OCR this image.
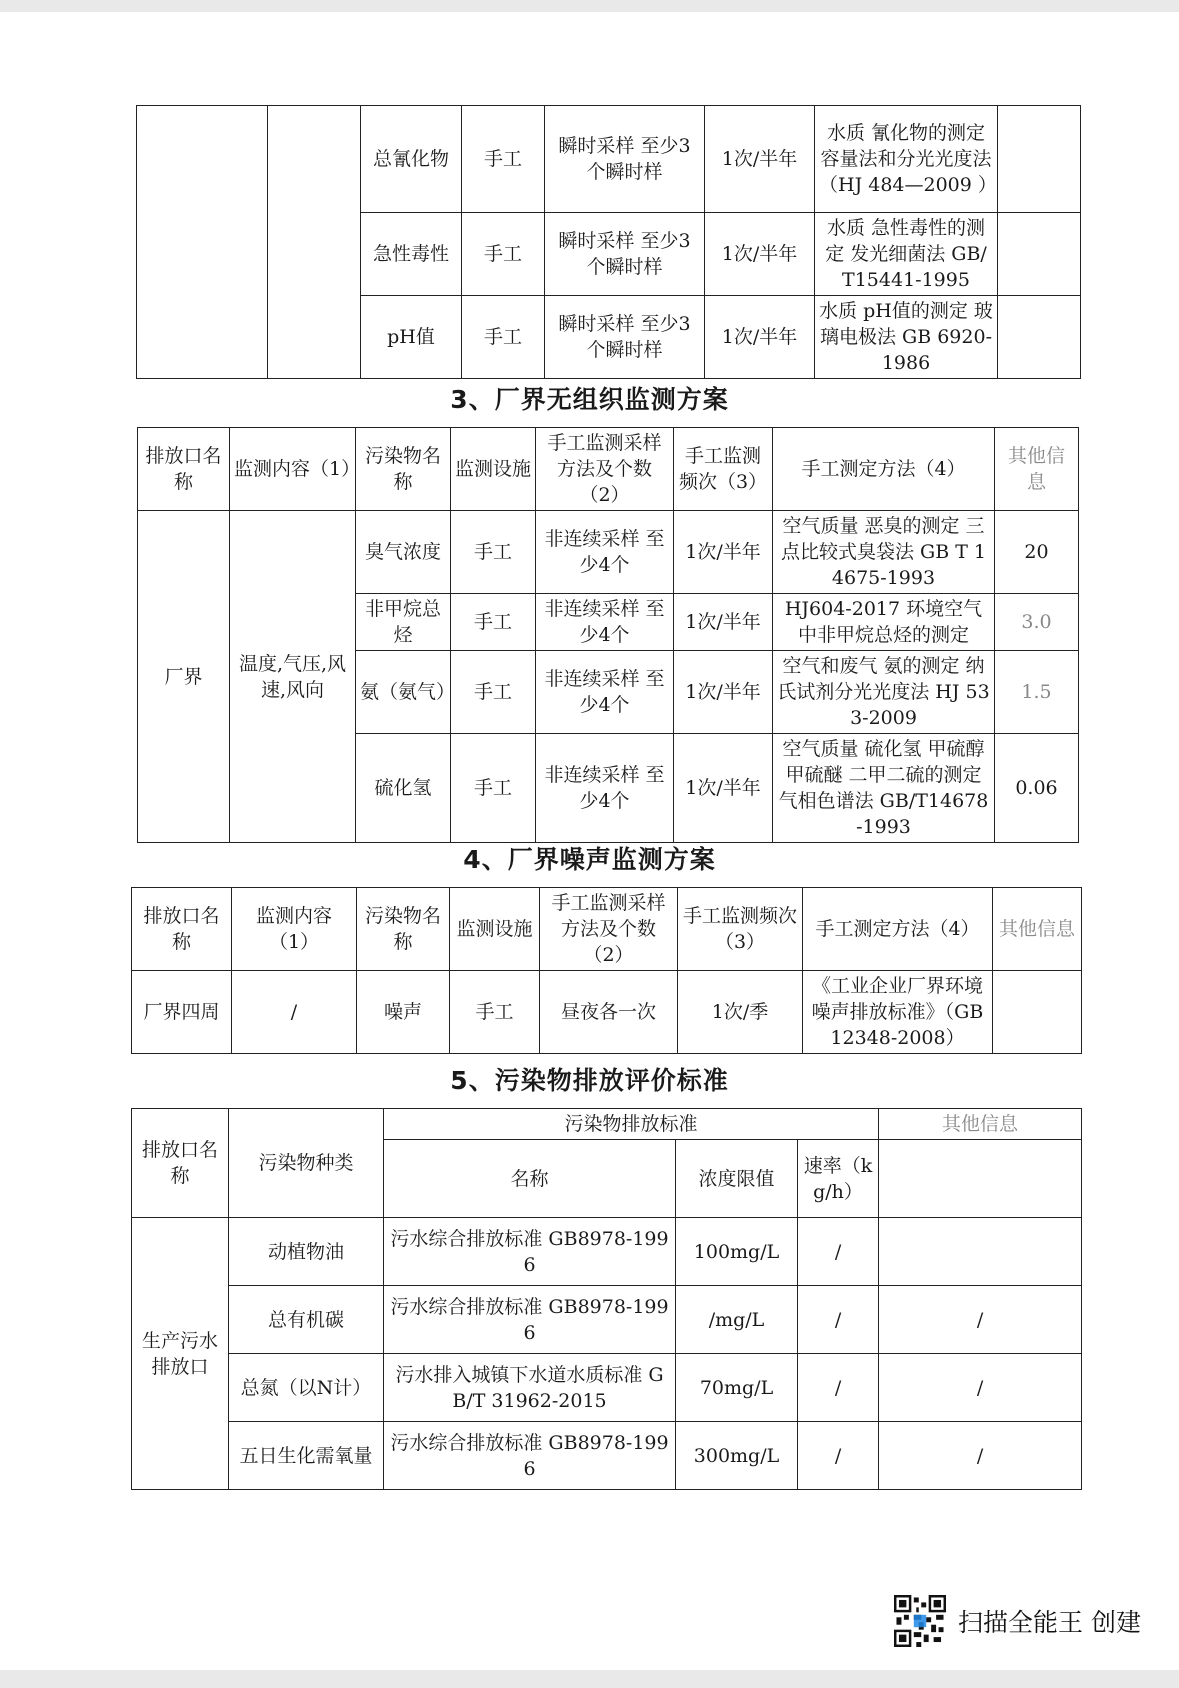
		总氰化物	手工	瞬时采样 至少3个瞬时样	1次/半年	水质 氰化物的测定 容量法和分光光度法（HJ 484—2009 ）	
		急性毒性	手工	瞬时采样 至少3个瞬时样	1次/半年	水质 急性毒性的测定 发光细菌法 GB/T15441-1995	
		pH值	手工	瞬时采样 至少3个瞬时样	1次/半年	水质 pH值的测定 玻璃电极法 GB 6920-1986	
3、厂界无组织监测方案
排放口名称	监测内容（1）	污染物名称	监测设施	手工监测采样方法及个数（2）	手工监测频次（3）	手工测定方法（4）	其他信息
厂界	温度,气压,风速,风向	臭气浓度	手工	非连续采样 至少4个	1次/半年	空气质量 恶臭的测定 三点比较式臭袋法 GB T 14675-1993	20
		非甲烷总烃	手工	非连续采样 至少4个	1次/半年	HJ604-2017 环境空气中非甲烷总烃的测定	3.0
		氨（氨气）	手工	非连续采样 至少4个	1次/半年	空气和废气 氨的测定 纳氏试剂分光光度法 HJ 533-2009	1.5
		硫化氢	手工	非连续采样 至少4个	1次/半年	空气质量 硫化氢 甲硫醇 甲硫醚 二甲二硫的测定气相色谱法 GB/T14678-1993	0.06
4、厂界噪声监测方案
排放口名称	监测内容（1）	污染物名称	监测设施	手工监测采样方法及个数（2）	手工监测频次（3）	手工测定方法（4）	其他信息
厂界四周	/	噪声	手工	昼夜各一次	1次/季	《工业企业厂界环境噪声排放标准》（GB12348-2008）	
5、污染物排放评价标准
排放口名称	污染物种类	污染物排放标准			其他信息
		名称	浓度限值	速率（kg/h）	
生产污水排放口	动植物油	污水综合排放标准 GB8978-1996	100mg/L	/	
	总有机碳	污水综合排放标准 GB8978-1996	/mg/L	/	/
	总氮（以N计）	污水排入城镇下水道水质标准 GB/T 31962-2015	70mg/L	/	/
	五日生化需氧量	污水综合排放标准 GB8978-1996	300mg/L	/	/
扫描全能王 创建
